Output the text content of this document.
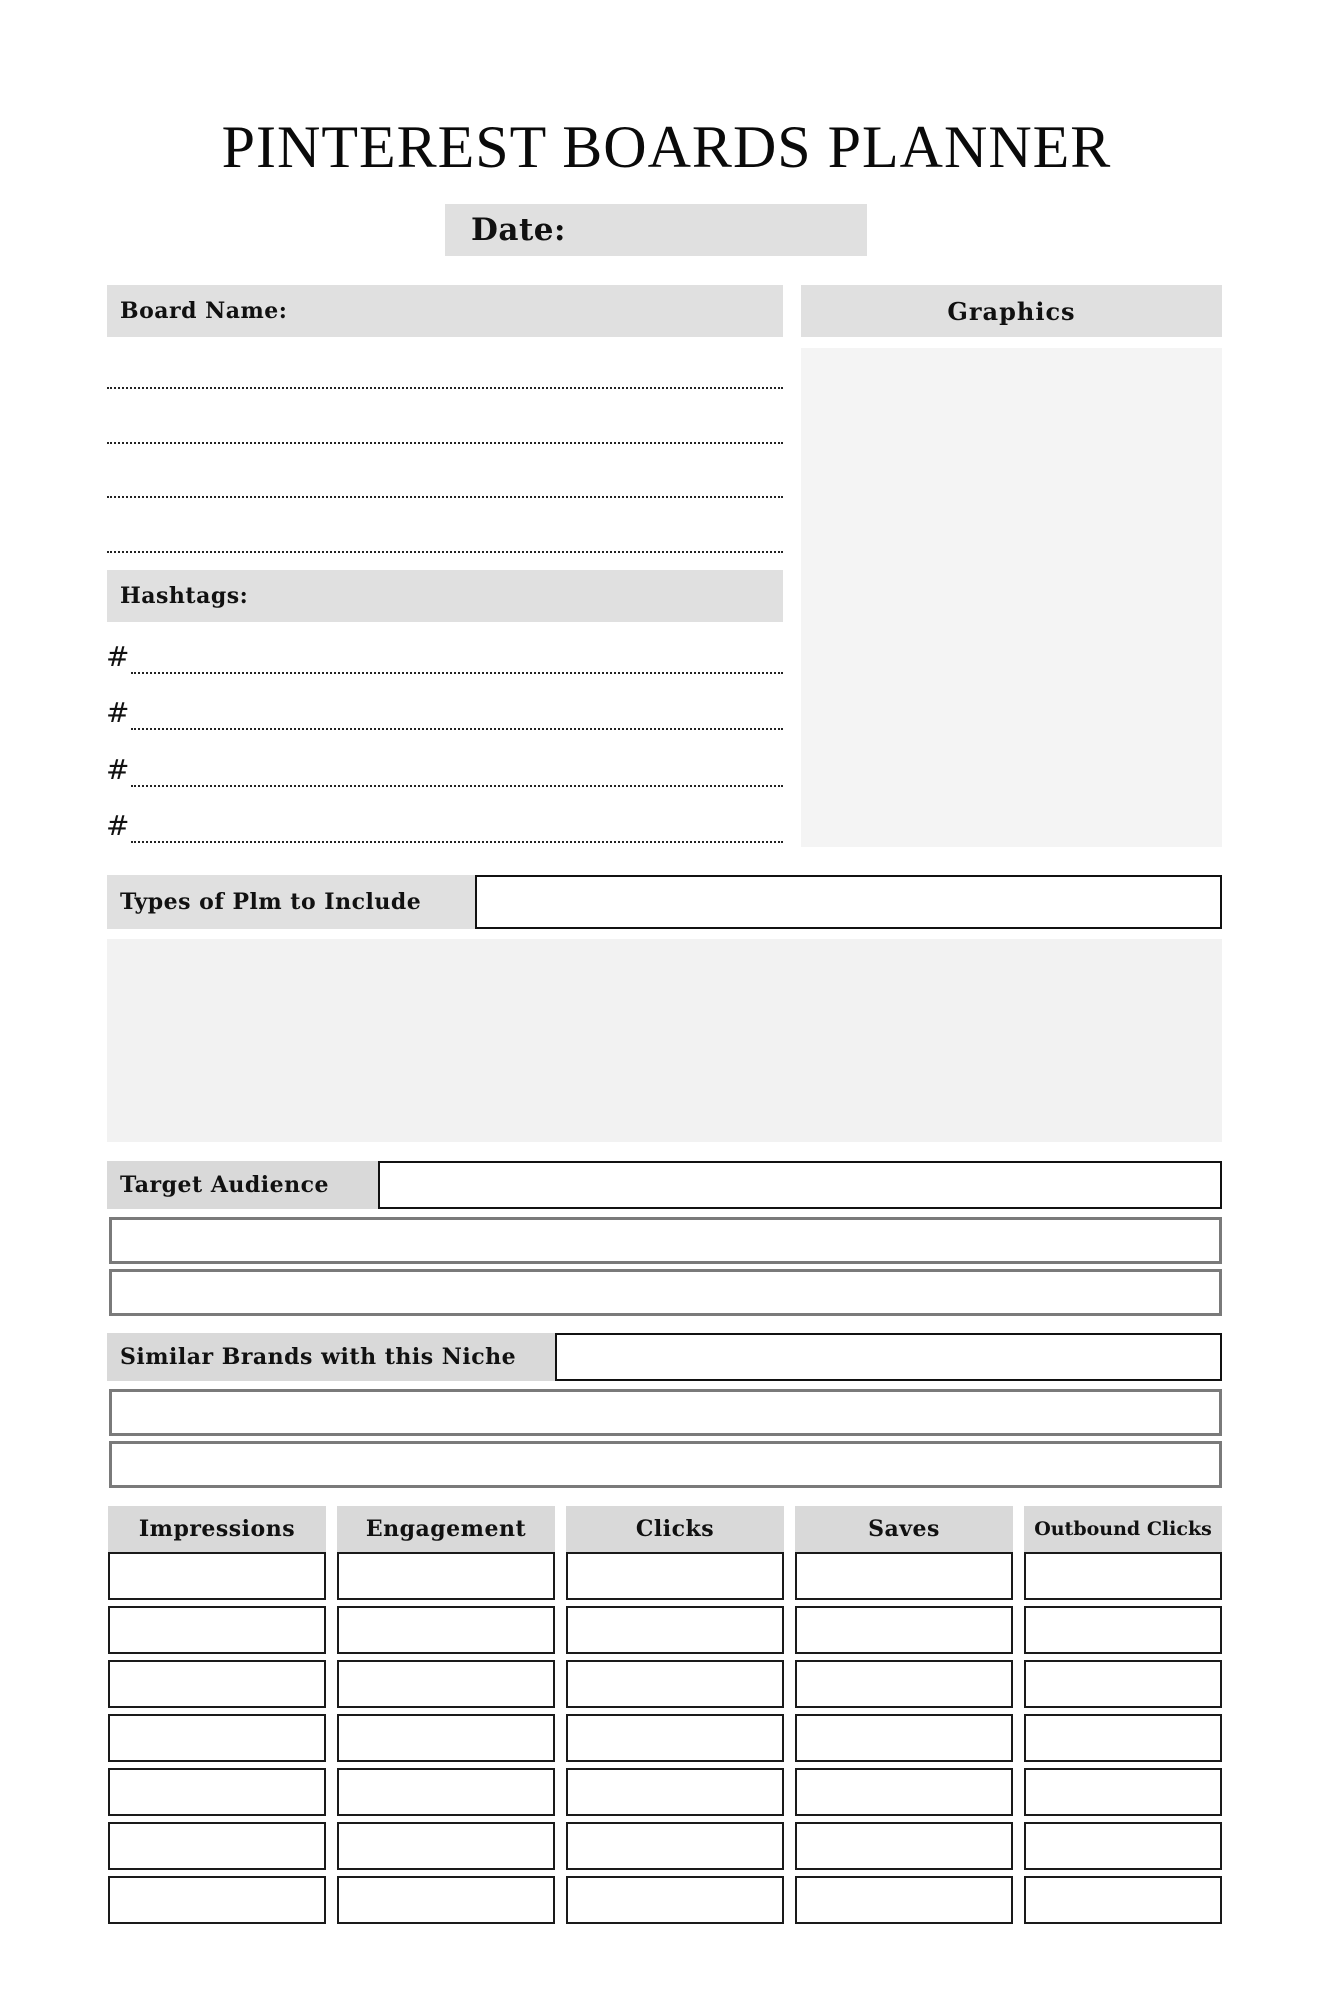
PINTEREST BOARDS PLANNER
Date:
Board Name:	Graphics
Hashtags:
#
#
#
#
Types of Plm to Include
Target Audience
Similar Brands with this Niche
Impressions	Engagement	Clicks	Saves	Outbound Clicks
